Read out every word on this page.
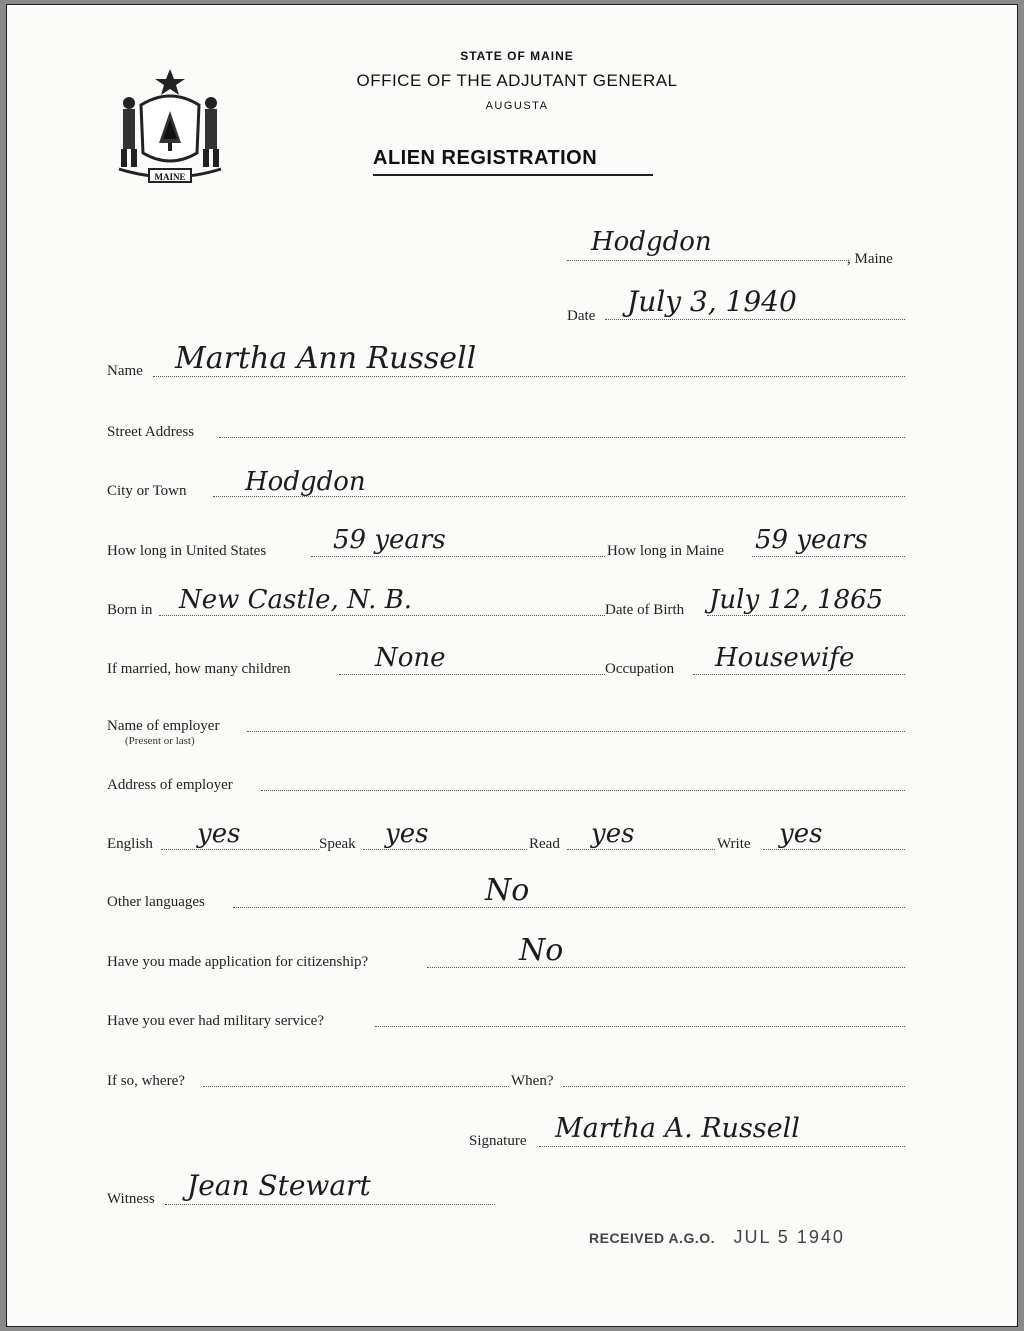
MAINE
STATE OF MAINE
OFFICE OF THE ADJUTANT GENERAL
AUGUSTA
ALIEN REGISTRATION
Hodgdon
, Maine
Date July 3, 1940
Name Martha Ann Russell
Street Address
City or Town Hodgdon
How long in United States	59 years	How long in Maine 59 years
Born in New Castle, N. B.	Date of Birth July 12, 1865
If married, how many children	None	Occupation Housewife
Name of employer
(Present or last)
Address of employer
English yes	Speak yes	Read yes	Write yes
Other languages	No
Have you made application for citizenship?	No
Have you ever had military service?
If so, where?	When?
Signature Martha A. Russell
Witness Jean Stewart
RECEIVED A.G.O. JUL 5 1940
